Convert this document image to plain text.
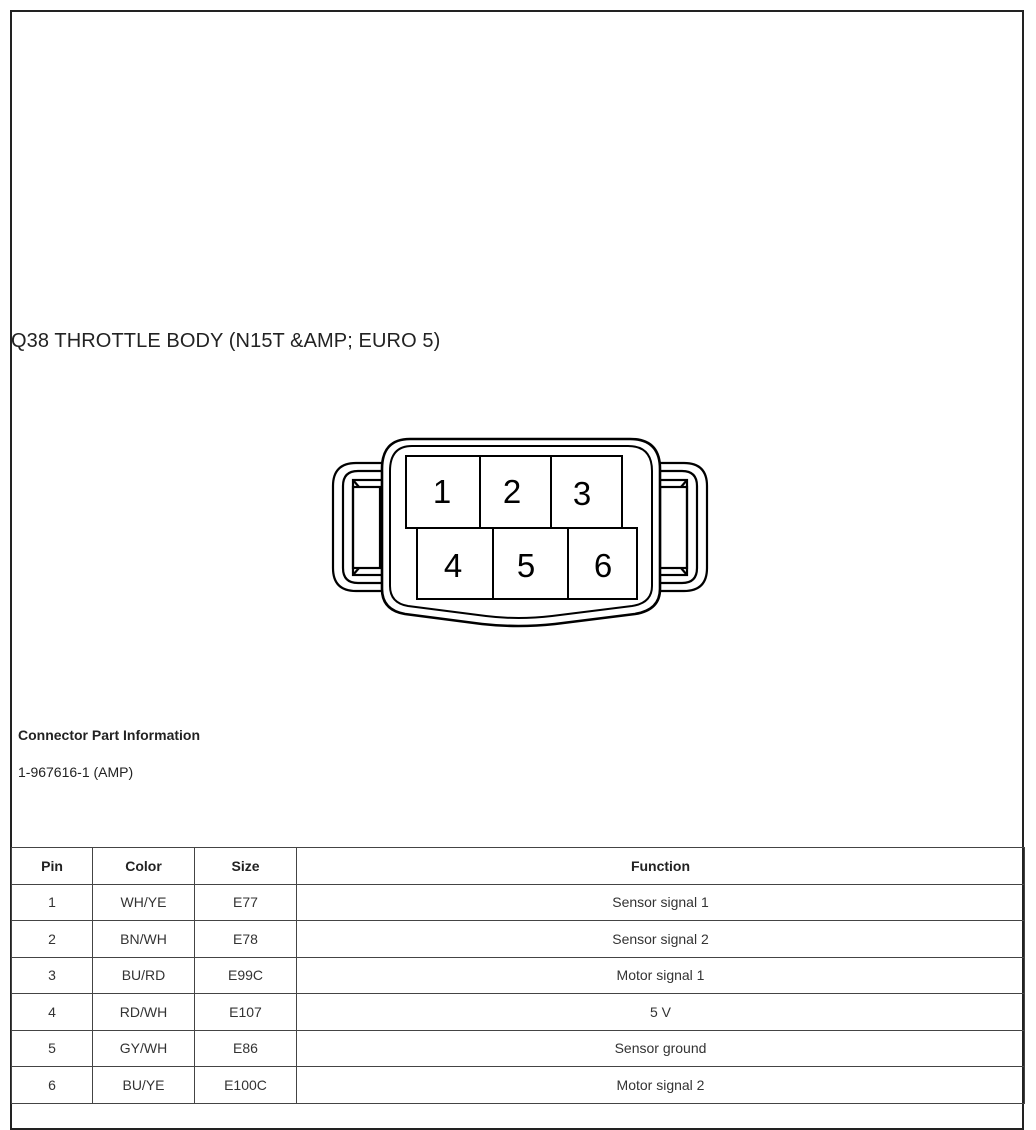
Q38 THROTTLE BODY (N15T &AMP; EURO 5)
1 2 3
4 5 6
Connector Part Information
1-967616-1 (AMP)
Pin	Color	Size	Function
1	WH/YE	E77	Sensor signal 1
2	BN/WH	E78	Sensor signal 2
3	BU/RD	E99C	Motor signal 1
4	RD/WH	E107	5 V
5	GY/WH	E86	Sensor ground
6	BU/YE	E100C	Motor signal 2
